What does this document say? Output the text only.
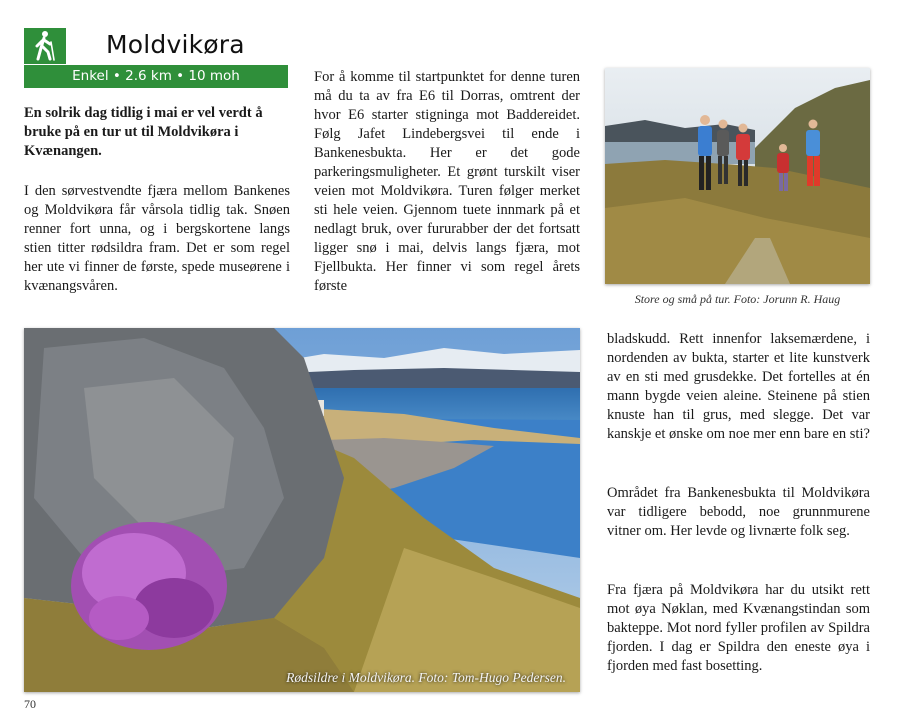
Moldvikøra
Enkel • 2.6 km • 10 moh

En solrik dag tidlig i mai er vel verdt å bruke på en tur ut til Moldvikøra i Kvænangen.

I den sørvestvendte fjæra mellom Bankenes og Moldvikøra får vårsola tidlig tak. Snøen renner fort unna, og i bergskortene langs stien titter rødsildra fram. Det er som regel her ute vi finner de første, spede museørene i kvænangsvåren.

For å komme til startpunktet for denne turen må du ta av fra E6 til Dorras, omtrent der hvor E6 starter stigninga mot Baddereidet. Følg Jafet Lindebergsvei til ende i Bankenesbukta. Her er det gode parkeringsmuligheter. Et grønt turskilt viser veien mot Moldvikøra. Turen følger merket sti hele veien. Gjennom tuete innmark på et nedlagt bruk, over fururabber der det fortsatt ligger snø i mai, delvis langs fjæra, mot Fjellbukta. Her finner vi som regel årets første

Store og små på tur. Foto: Jorunn R. Haug
Rødsildre i Moldvikøra. Foto: Tom-Hugo Pedersen.

bladskudd. Rett innenfor laksemærdene, i nordenden av bukta, starter et lite kunstverk av en sti med grusdekke. Det fortelles at én mann bygde veien aleine. Steinene på stien knuste han til grus, med slegge. Det var kanskje et ønske om noe mer enn bare en sti?

Området fra Bankenesbukta til Moldvikøra var tidligere bebodd, noe grunnmurene vitner om. Her levde og livnærte folk seg.

Fra fjæra på Moldvikøra har du utsikt rett mot øya Nøklan, med Kvænangstindan som bakteppe. Mot nord fyller profilen av Spildra fjorden. I dag er Spildra den eneste øya i fjorden med fast bosetting.

70
